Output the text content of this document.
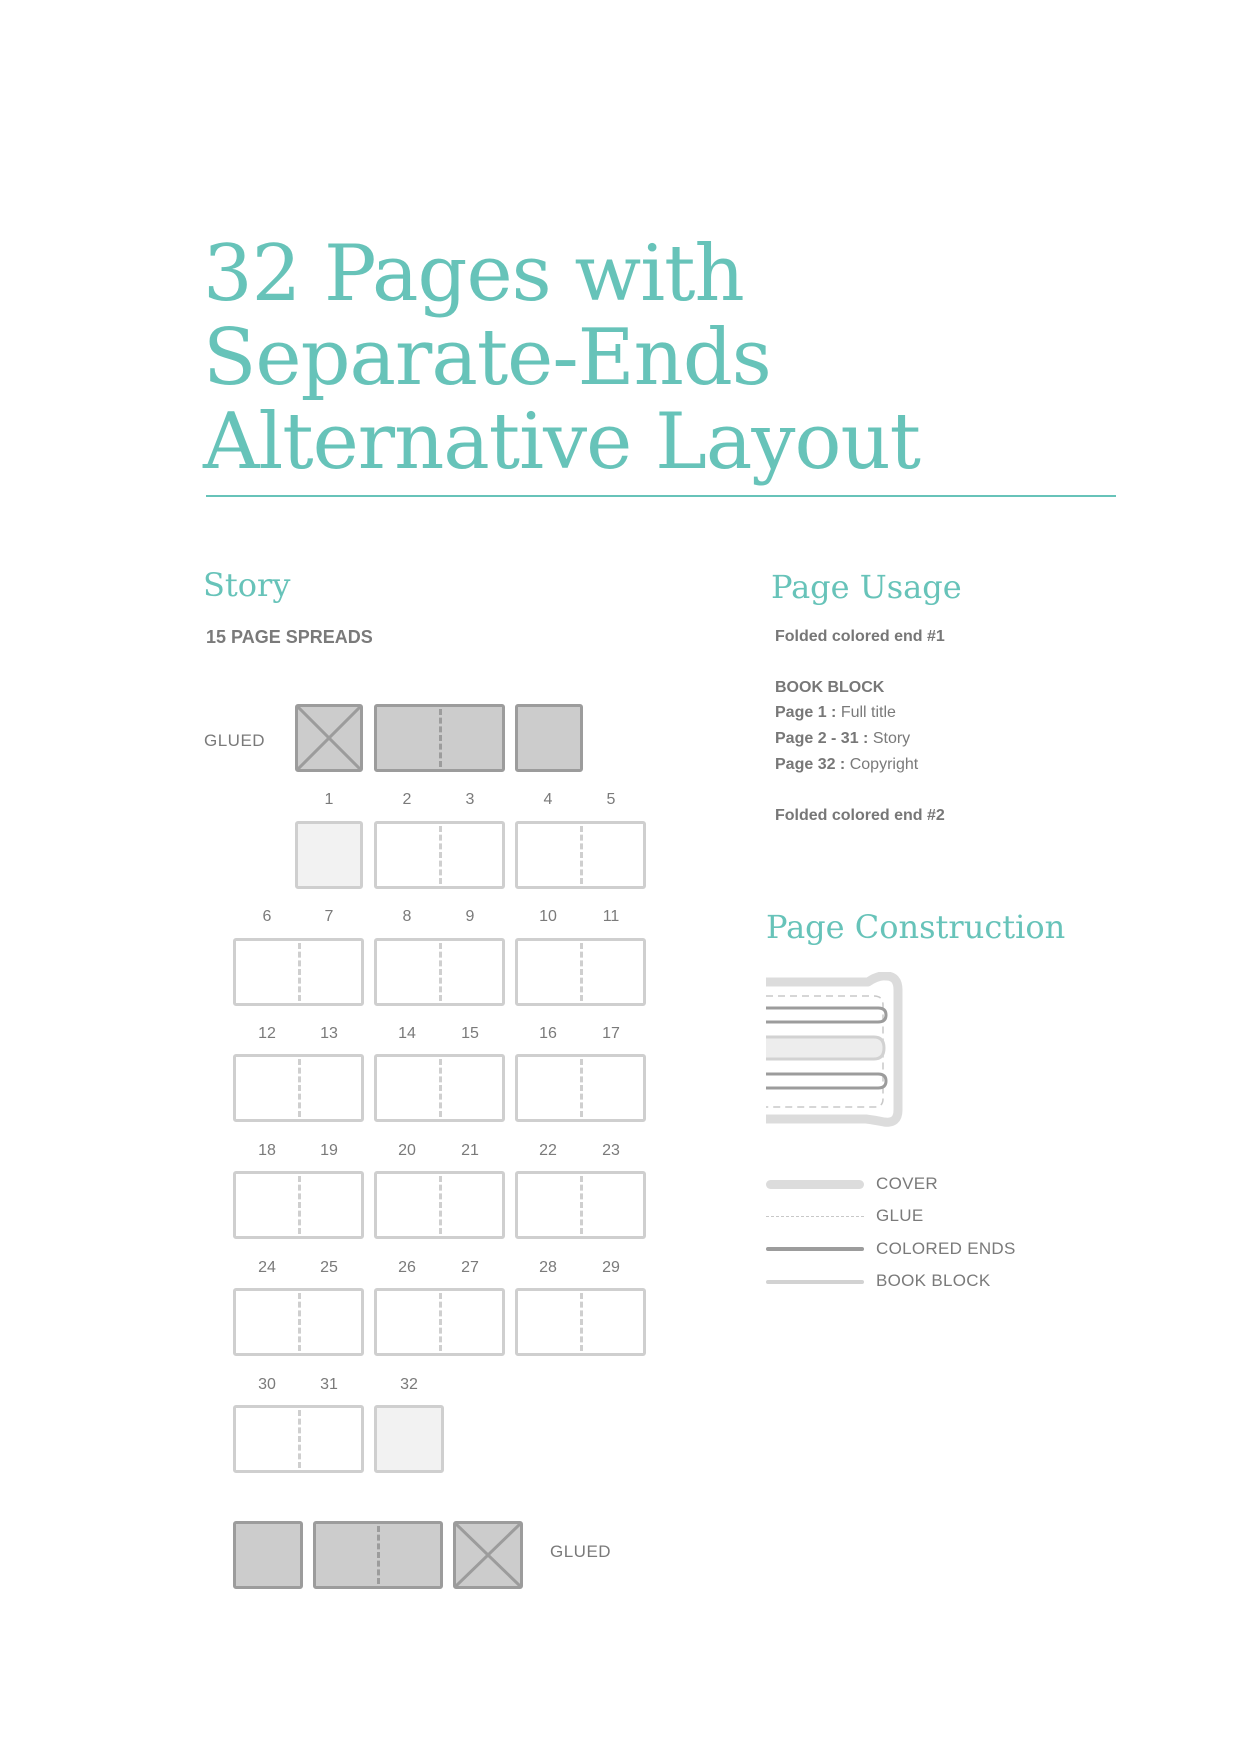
32 Pages with
Separate-Ends
Alternative Layout
Story
15 PAGE SPREADS
GLUED
GLUED
1	2	3	4	5
6	7	8	9	10	11
12	13	14	15	16	17
18	19	20	21	22	23
24	25	26	27	28	29
30	31	32
Page Usage
Folded colored end #1
BOOK BLOCK
Page 1 : Full title
Page 2 - 31 : Story
Page 32 : Copyright
Folded colored end #2
Page Construction
COVER
GLUE
COLORED ENDS
BOOK BLOCK
